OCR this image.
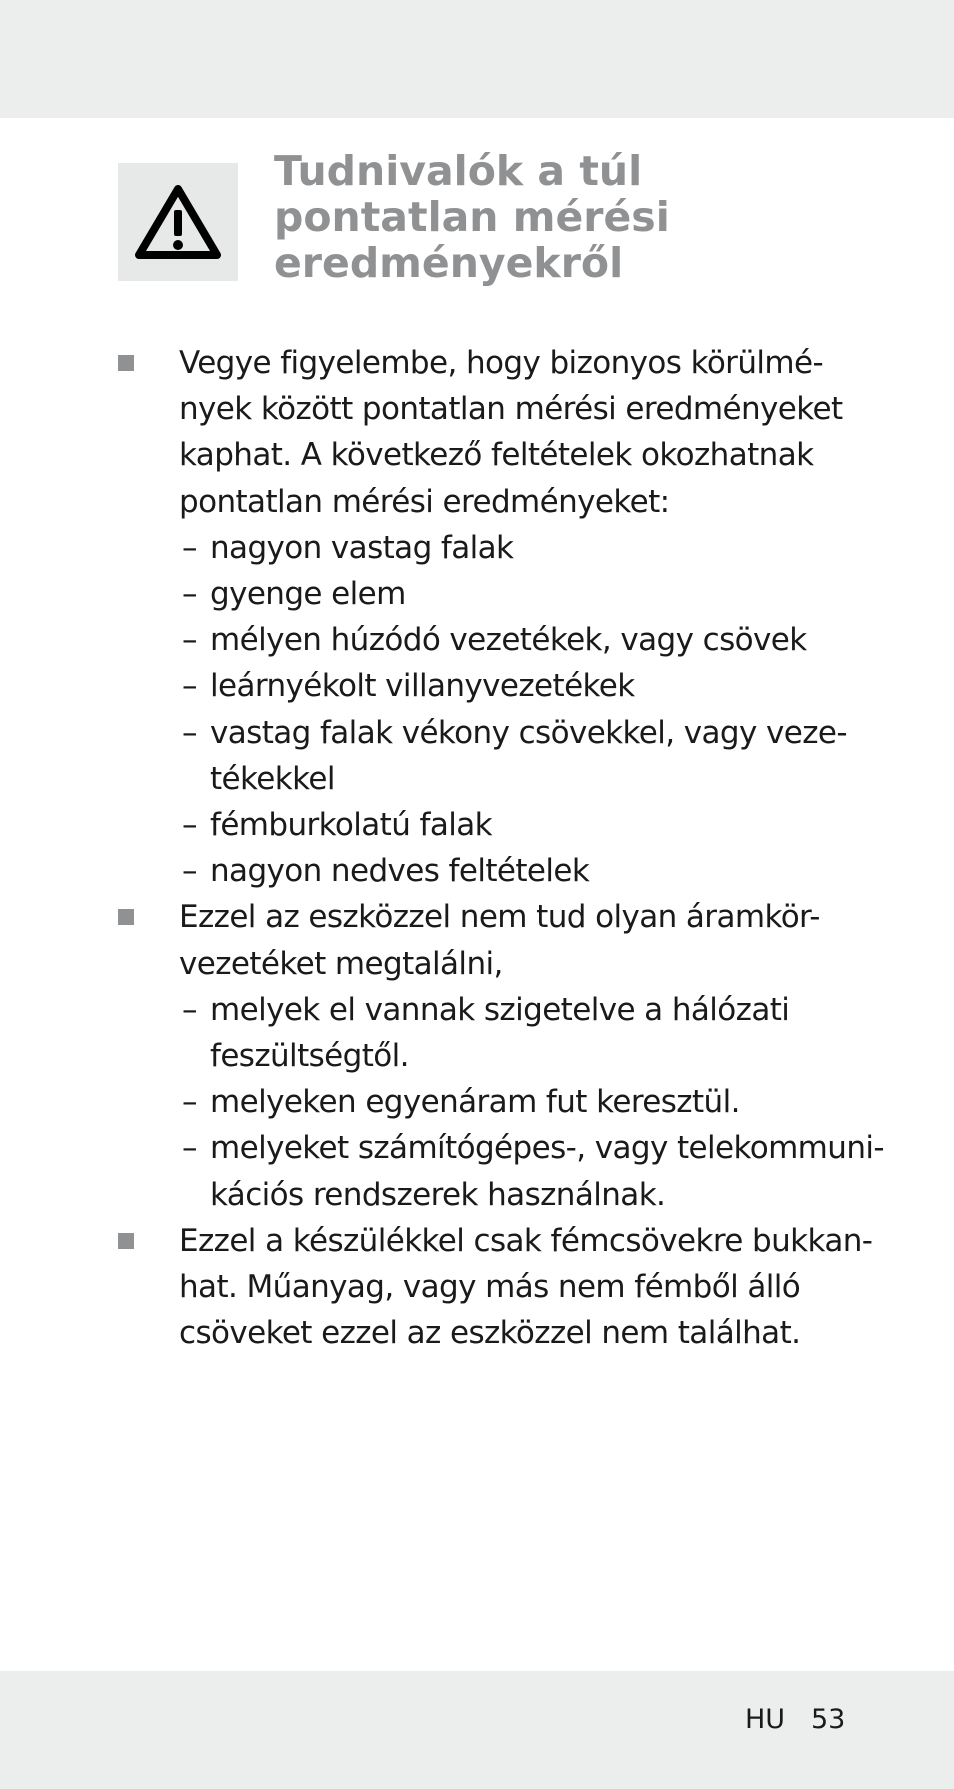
Tudnivalók a túl
pontatlan mérési
eredményekről
Vegye figyelembe, hogy bizonyos körülmé-
nyek között pontatlan mérési eredményeket
kaphat. A következő feltételek okozhatnak
pontatlan mérési eredményeket:
– nagyon vastag falak
– gyenge elem
– mélyen húzódó vezetékek, vagy csövek
– leárnyékolt villanyvezetékek
– vastag falak vékony csövekkel, vagy veze-
tékekkel
– fémburkolatú falak
– nagyon nedves feltételek
Ezzel az eszközzel nem tud olyan áramkör-
vezetéket megtalálni,
– melyek el vannak szigetelve a hálózati
feszültségtől.
– melyeken egyenáram fut keresztül.
– melyeket számítógépes-, vagy telekommuni-
kációs rendszerek használnak.
Ezzel a készülékkel csak fémcsövekre bukkan-
hat. Műanyag, vagy más nem fémből álló
csöveket ezzel az eszközzel nem találhat.
HU 53
